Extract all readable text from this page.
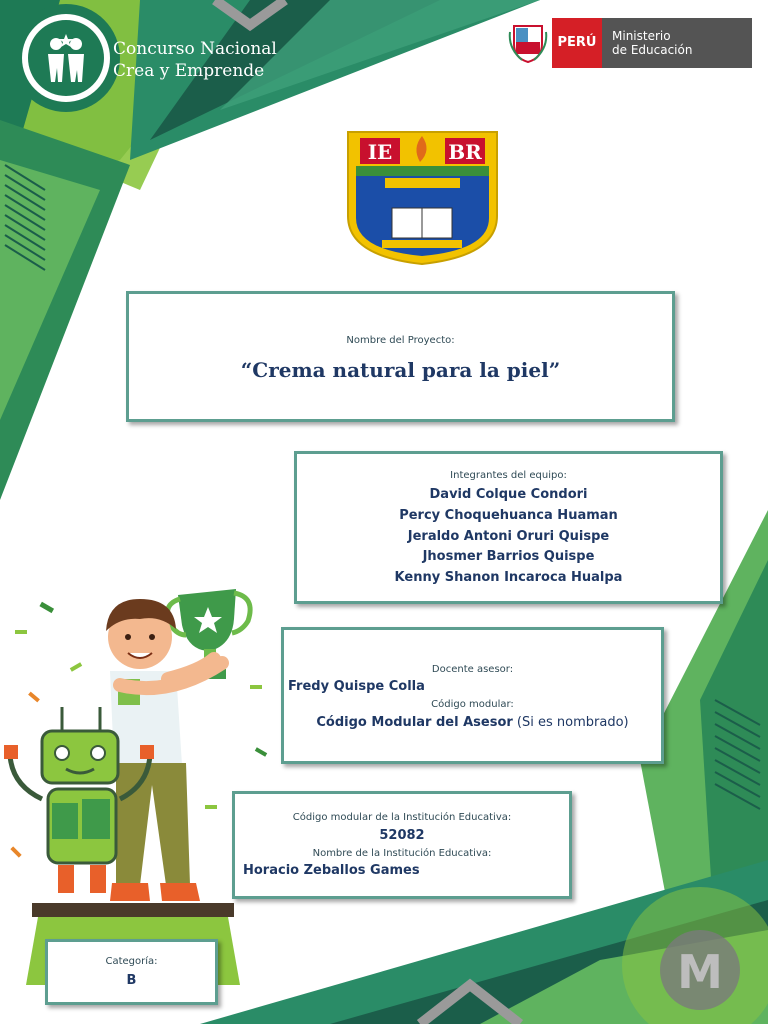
M
Concurso Nacional
Crea y Emprende
PERÚ	Ministerio
de Educación
IE	BR
Nombre del Proyecto:
“Crema natural para la piel”
Integrantes del equipo:
David Colque Condori
Percy Choquehuanca Huaman
Jeraldo Antoni Oruri Quispe
Jhosmer Barrios Quispe
Kenny Shanon Incaroca Hualpa
Docente asesor:
Fredy Quispe Colla
Código modular:
Código Modular del Asesor (Si es nombrado)
Código modular de la Institución Educativa:
52082
Nombre de la Institución Educativa:
Horacio Zeballos Games
Categoría:
B
